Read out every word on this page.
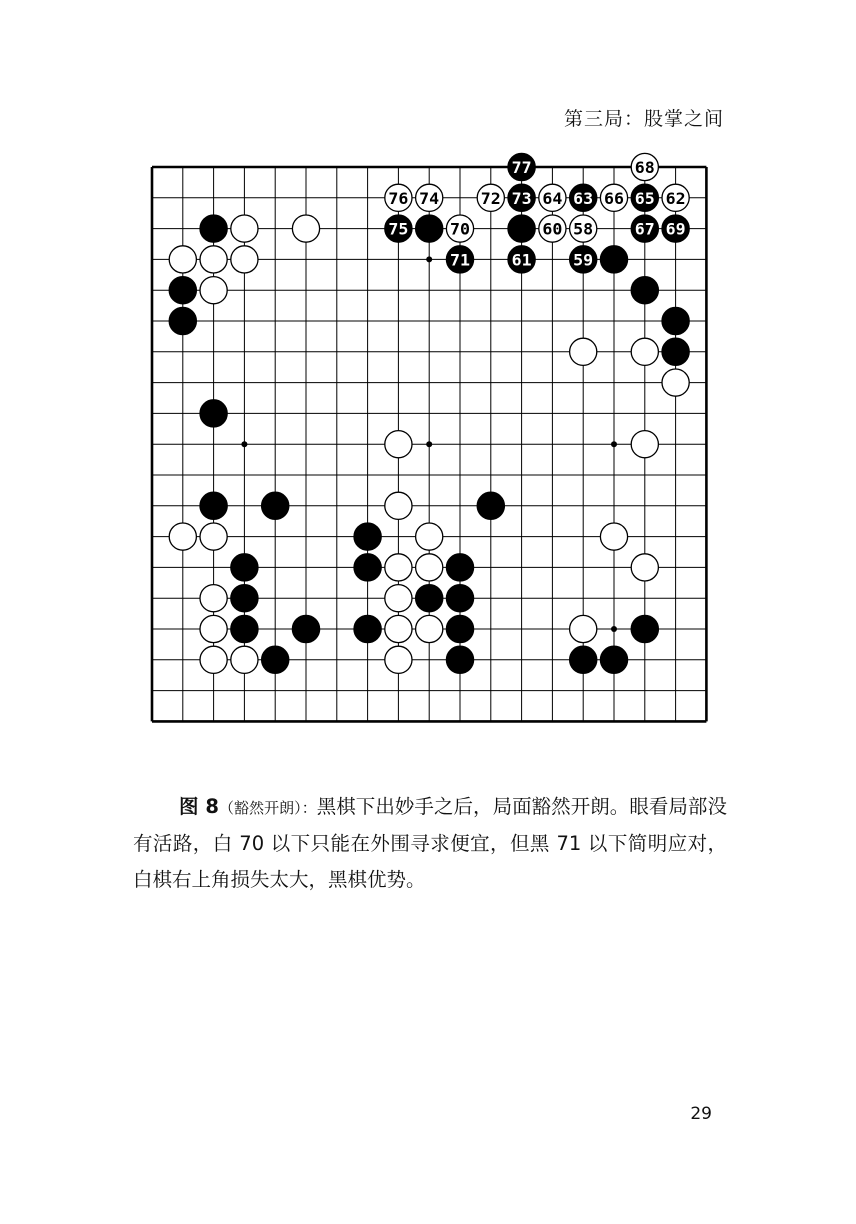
第三局：股掌之间
77	68
76 74	72 73 64 63 66 65 62
75	70	60 58	67 69
71	61	59
图 8（豁然开朗）：黑棋下出妙手之后，局面豁然开朗。眼看局部没有活路，白 70 以下只能在外围寻求便宜，但黑 71 以下简明应对，白棋右上角损失太大，黑棋优势。
29
